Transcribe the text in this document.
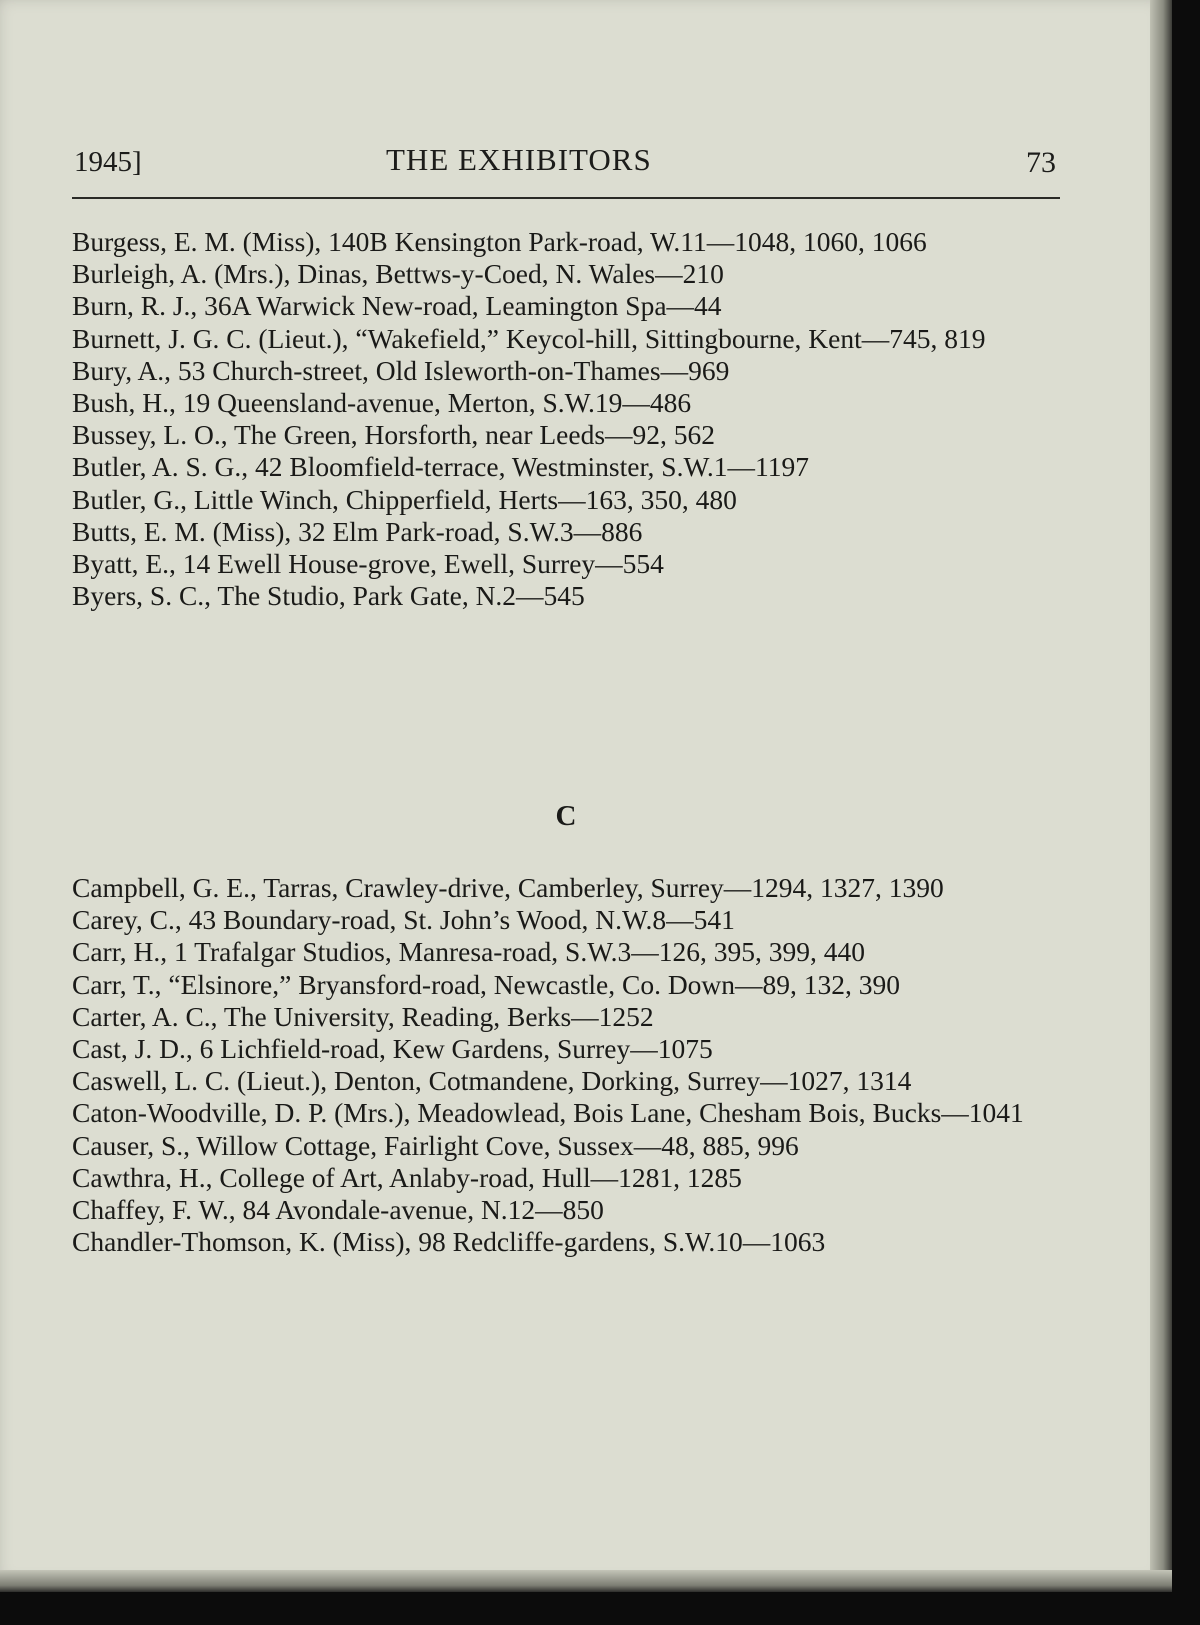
1945]	THE EXHIBITORS	73
Burgess, E. M. (Miss), 140B Kensington Park-road, W.11—1048, 1060, 1066
Burleigh, A. (Mrs.), Dinas, Bettws-y-Coed, N. Wales—210
Burn, R. J., 36A Warwick New-road, Leamington Spa—44
Burnett, J. G. C. (Lieut.), “Wakefield,” Keycol-hill, Sittingbourne, Kent—745, 819
Bury, A., 53 Church-street, Old Isleworth-on-Thames—969
Bush, H., 19 Queensland-avenue, Merton, S.W.19—486
Bussey, L. O., The Green, Horsforth, near Leeds—92, 562
Butler, A. S. G., 42 Bloomfield-terrace, Westminster, S.W.1—1197
Butler, G., Little Winch, Chipperfield, Herts—163, 350, 480
Butts, E. M. (Miss), 32 Elm Park-road, S.W.3—886
Byatt, E., 14 Ewell House-grove, Ewell, Surrey—554
Byers, S. C., The Studio, Park Gate, N.2—545
C
Campbell, G. E., Tarras, Crawley-drive, Camberley, Surrey—1294, 1327, 1390
Carey, C., 43 Boundary-road, St. John’s Wood, N.W.8—541
Carr, H., 1 Trafalgar Studios, Manresa-road, S.W.3—126, 395, 399, 440
Carr, T., “Elsinore,” Bryansford-road, Newcastle, Co. Down—89, 132, 390
Carter, A. C., The University, Reading, Berks—1252
Cast, J. D., 6 Lichfield-road, Kew Gardens, Surrey—1075
Caswell, L. C. (Lieut.), Denton, Cotmandene, Dorking, Surrey—1027, 1314
Caton-Woodville, D. P. (Mrs.), Meadowlead, Bois Lane, Chesham Bois, Bucks—1041
Causer, S., Willow Cottage, Fairlight Cove, Sussex—48, 885, 996
Cawthra, H., College of Art, Anlaby-road, Hull—1281, 1285
Chaffey, F. W., 84 Avondale-avenue, N.12—850
Chandler-Thomson, K. (Miss), 98 Redcliffe-gardens, S.W.10—1063
